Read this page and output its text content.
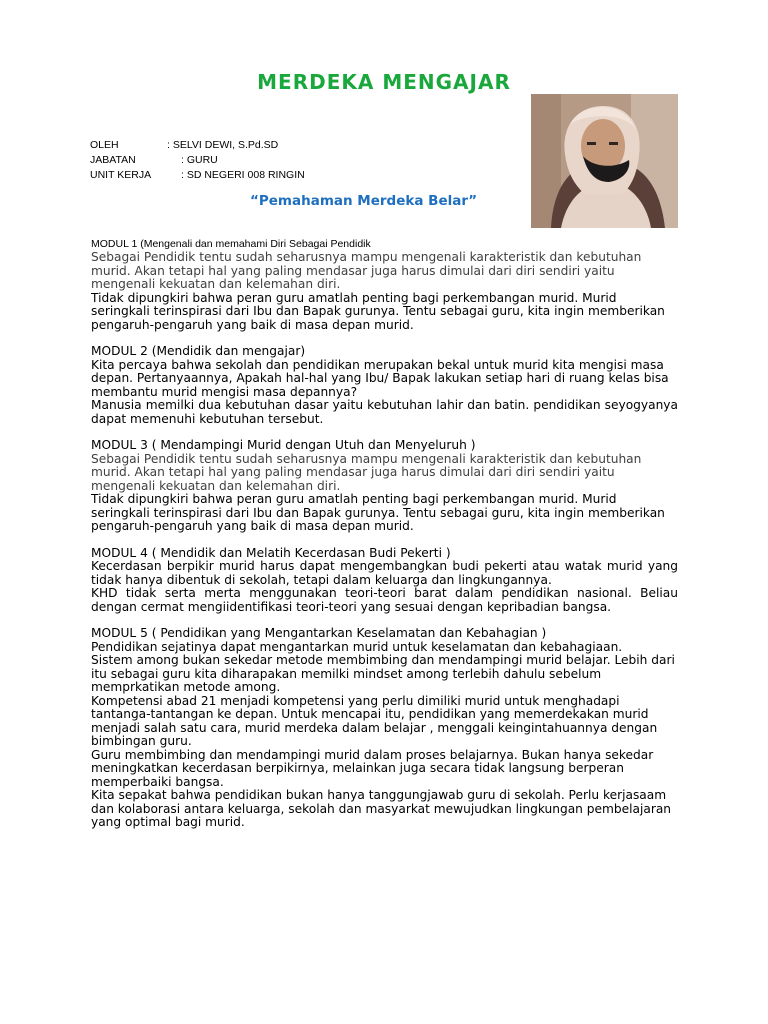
MERDEKA MENGAJAR
OLEH	: SELVI DEWI, S.Pd.SD
JABATAN	: GURU
UNIT KERJA	: SD NEGERI 008 RINGIN
“Pemahaman Merdeka Belar”
MODUL 1 (Mengenali dan memahami Diri Sebagai Pendidik

Sebagai Pendidik tentu sudah seharusnya mampu mengenali karakteristik dan kebutuhan murid. Akan tetapi hal yang paling mendasar juga harus dimulai dari diri sendiri yaitu mengenali kekuatan dan kelemahan diri.

Tidak dipungkiri bahwa peran guru amatlah penting bagi perkembangan murid. Murid seringkali terinspirasi dari Ibu dan Bapak gurunya. Tentu sebagai guru, kita ingin memberikan pengaruh-pengaruh yang baik di masa depan murid.

MODUL 2 (Mendidik dan mengajar)

Kita percaya bahwa sekolah dan pendidikan merupakan bekal untuk murid kita mengisi masa depan. Pertanyaannya, Apakah hal-hal yang Ibu/ Bapak lakukan setiap hari di ruang kelas bisa membantu murid mengisi masa depannya?

Manusia memilki dua kebutuhan dasar yaitu kebutuhan lahir dan batin. pendidikan seyogyanya dapat memenuhi kebutuhan tersebut.

MODUL 3 ( Mendampingi Murid dengan Utuh dan Menyeluruh )

Sebagai Pendidik tentu sudah seharusnya mampu mengenali karakteristik dan kebutuhan murid. Akan tetapi hal yang paling mendasar juga harus dimulai dari diri sendiri yaitu mengenali kekuatan dan kelemahan diri.

Tidak dipungkiri bahwa peran guru amatlah penting bagi perkembangan murid. Murid seringkali terinspirasi dari Ibu dan Bapak gurunya. Tentu sebagai guru, kita ingin memberikan pengaruh-pengaruh yang baik di masa depan murid.

MODUL 4 ( Mendidik dan Melatih Kecerdasan Budi Pekerti )

Kecerdasan berpikir murid harus dapat mengembangkan budi pekerti atau watak murid yang tidak hanya dibentuk di sekolah, tetapi dalam keluarga dan lingkungannya.

KHD tidak serta merta menggunakan teori-teori barat dalam pendidikan nasional. Beliau dengan cermat mengiidentifikasi teori-teori yang sesuai dengan kepribadian bangsa.

MODUL 5 ( Pendidikan yang Mengantarkan Keselamatan dan Kebahagian )

Pendidikan sejatinya dapat mengantarkan murid untuk keselamatan dan kebahagiaan.

Sistem among bukan sekedar metode membimbing dan mendampingi murid belajar. Lebih dari itu sebagai guru kita diharapakan memilki mindset among terlebih dahulu sebelum memprkatikan metode among.

Kompetensi abad 21 menjadi kompetensi yang perlu dimiliki murid untuk menghadapi tantanga-tantangan ke depan. Untuk mencapai itu, pendidikan yang memerdekakan murid menjadi salah satu cara, murid merdeka dalam belajar , menggali keingintahuannya dengan bimbingan guru.

Guru membimbing dan mendampingi murid dalam proses belajarnya. Bukan hanya sekedar meningkatkan kecerdasan berpikirnya, melainkan juga secara tidak langsung berperan memperbaiki bangsa.

Kita sepakat bahwa pendidikan bukan hanya tanggungjawab guru di sekolah. Perlu kerjasaam dan kolaborasi antara keluarga, sekolah dan masyarkat mewujudkan lingkungan pembelajaran yang optimal bagi murid.
